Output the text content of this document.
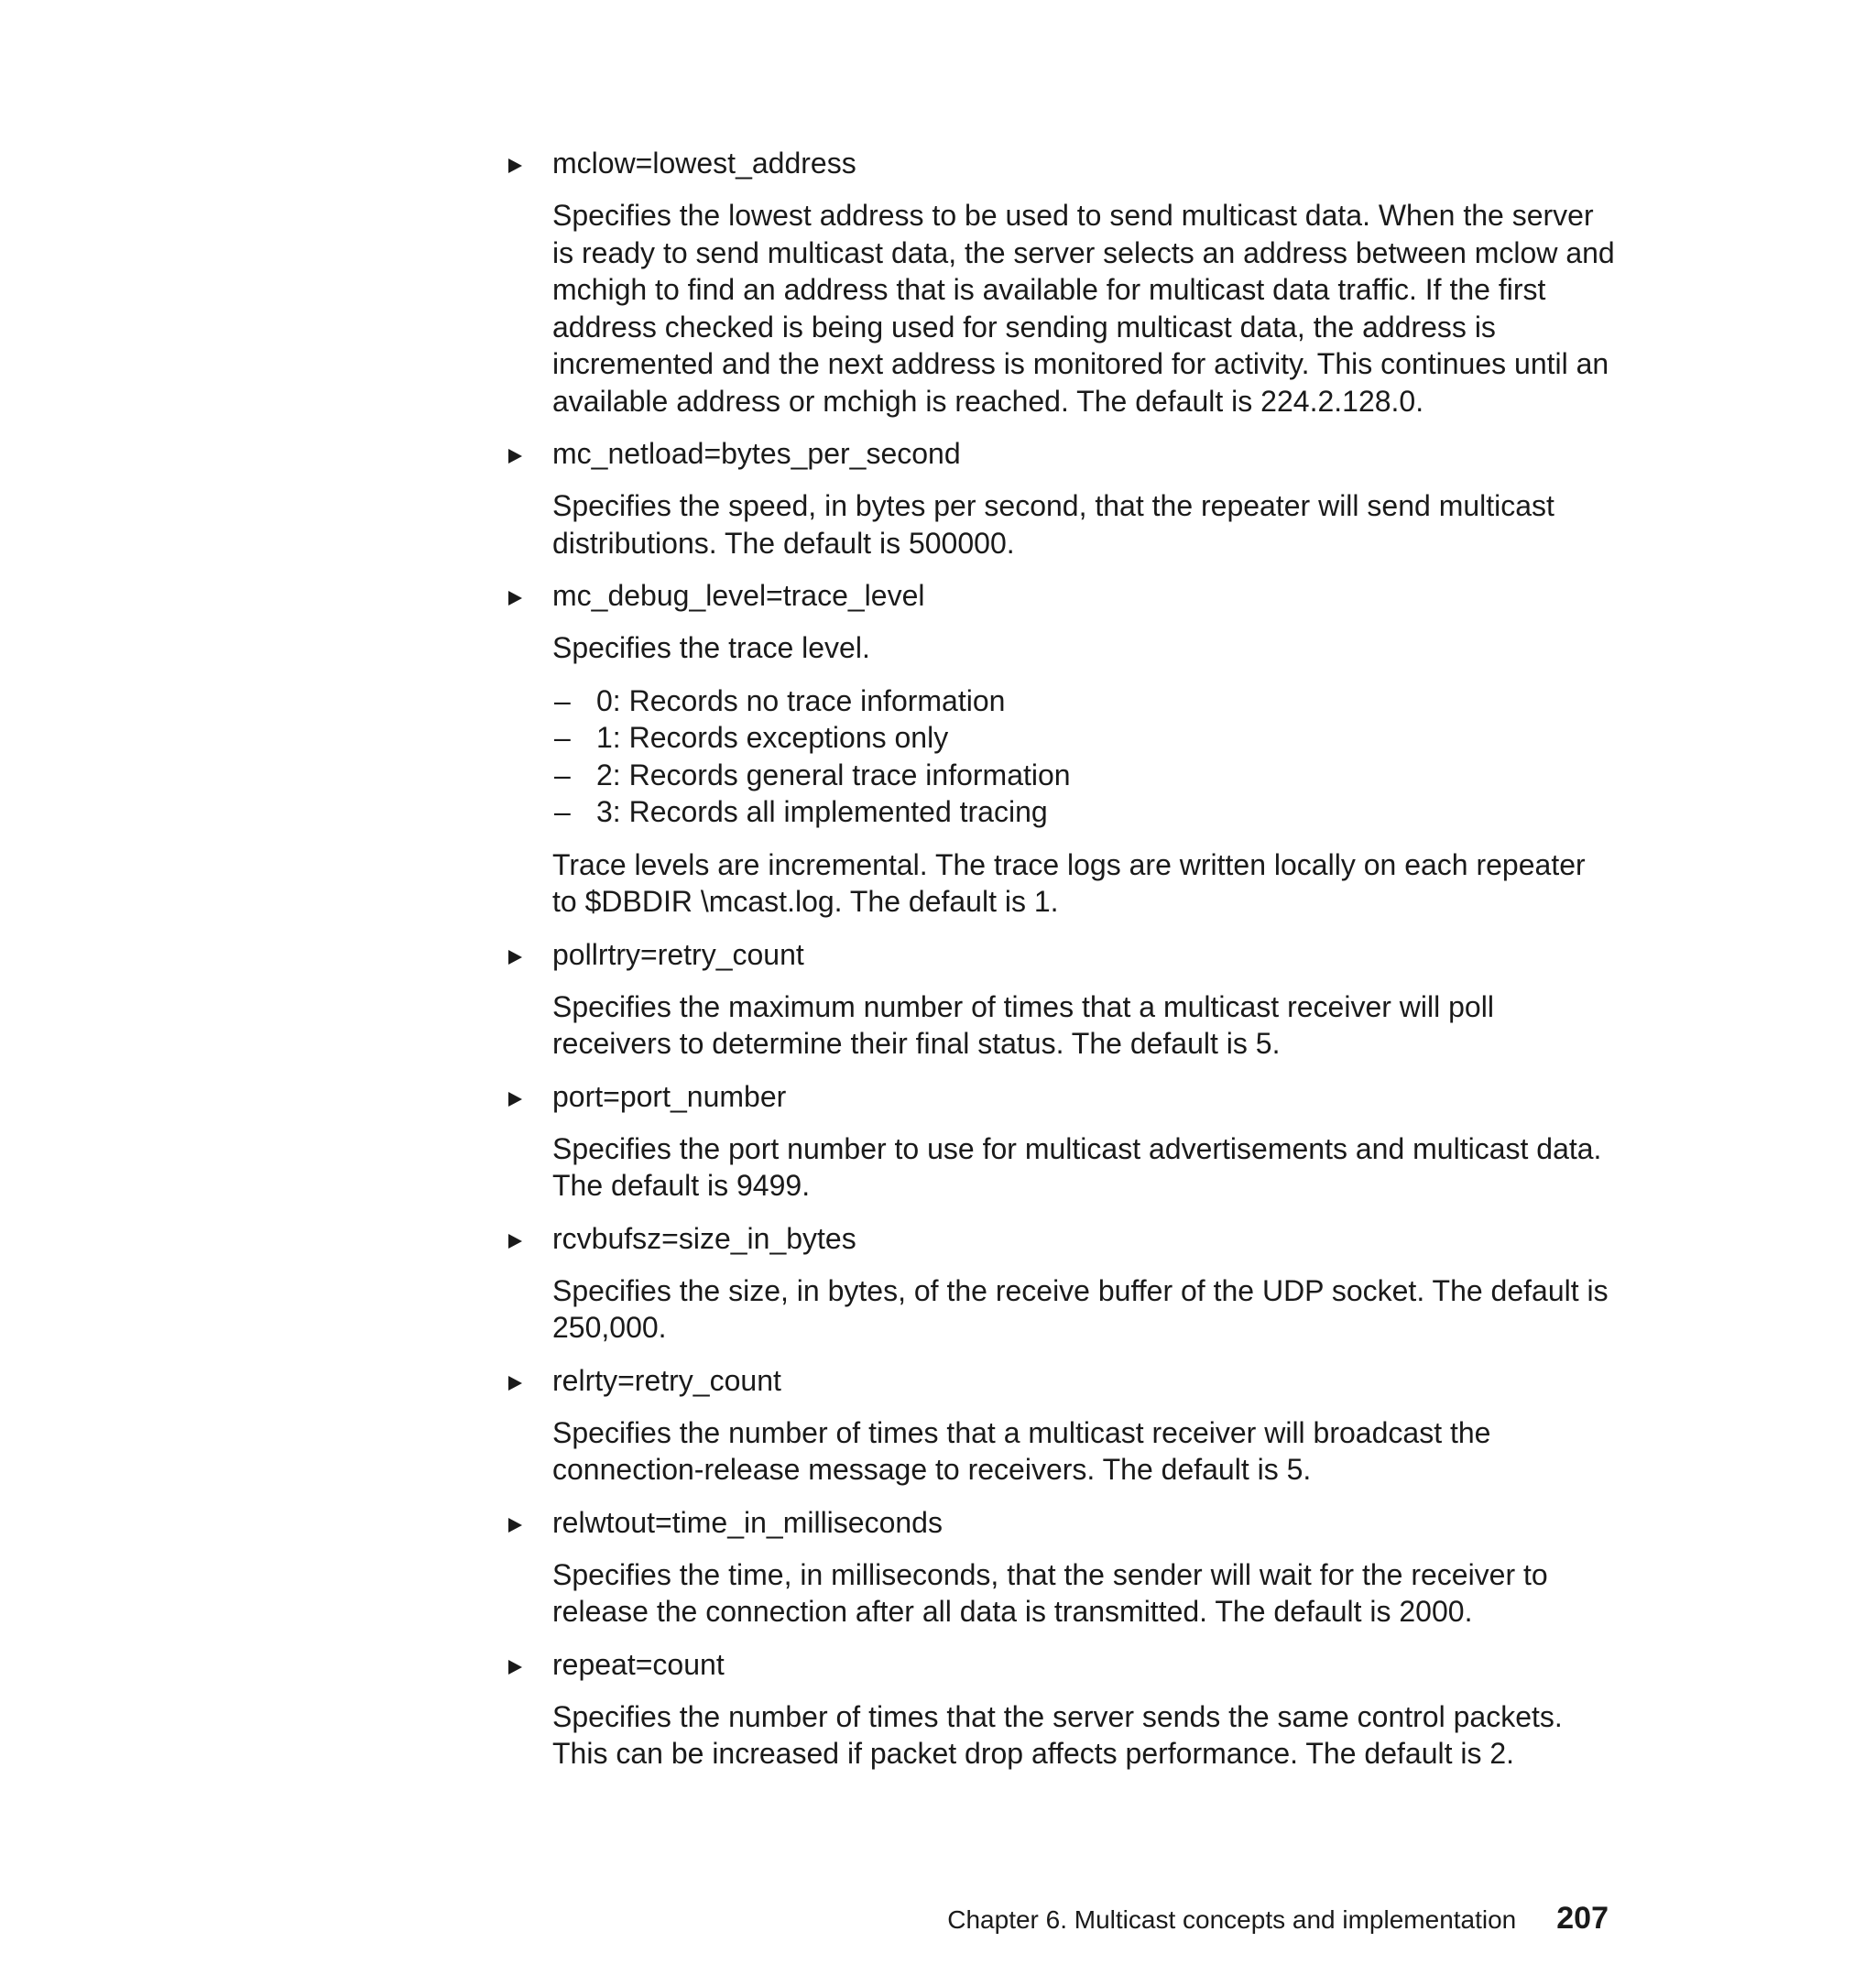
mclow=lowest_address

Specifies the lowest address to be used to send multicast data. When the server is ready to send multicast data, the server selects an address between mclow and mchigh to find an address that is available for multicast data traffic. If the first address checked is being used for sending multicast data, the address is incremented and the next address is monitored for activity. This continues until an available address or mchigh is reached. The default is 224.2.128.0.

mc_netload=bytes_per_second

Specifies the speed, in bytes per second, that the repeater will send multicast distributions. The default is 500000.

mc_debug_level=trace_level

Specifies the trace level.

– 0: Records no trace information
– 1: Records exceptions only
– 2: Records general trace information
– 3: Records all implemented tracing

Trace levels are incremental. The trace logs are written locally on each repeater to $DBDIR \mcast.log. The default is 1.

pollrtry=retry_count

Specifies the maximum number of times that a multicast receiver will poll receivers to determine their final status. The default is 5.

port=port_number

Specifies the port number to use for multicast advertisements and multicast data. The default is 9499.

rcvbufsz=size_in_bytes

Specifies the size, in bytes, of the receive buffer of the UDP socket. The default is 250,000.

relrty=retry_count

Specifies the number of times that a multicast receiver will broadcast the connection-release message to receivers. The default is 5.

relwtout=time_in_milliseconds

Specifies the time, in milliseconds, that the sender will wait for the receiver to release the connection after all data is transmitted. The default is 2000.

repeat=count

Specifies the number of times that the server sends the same control packets. This can be increased if packet drop affects performance. The default is 2.

Chapter 6. Multicast concepts and implementation 207
